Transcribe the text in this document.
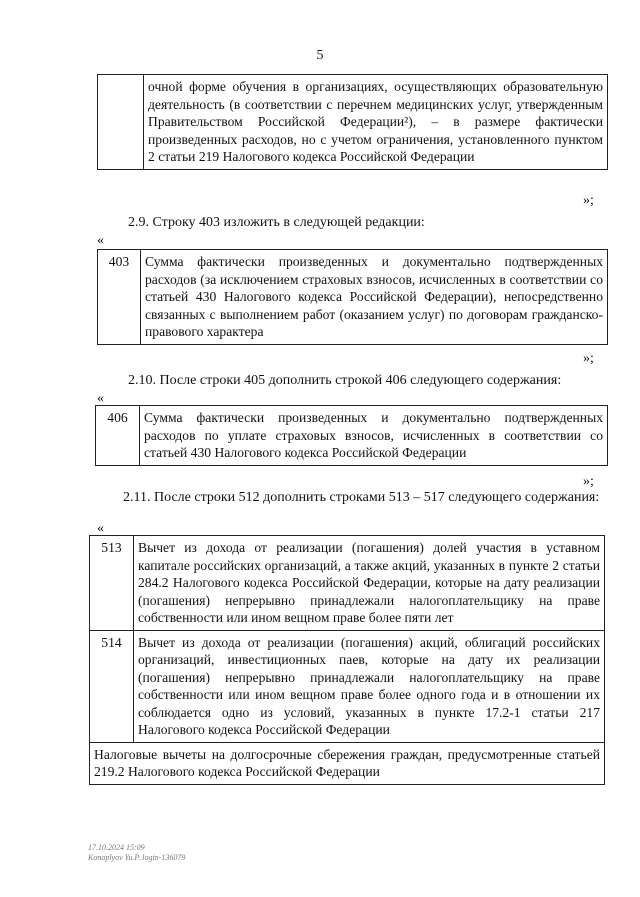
5
	очной форме обучения в организациях, осуществляющих образовательную деятельность (в соответствии с перечнем медицинских услуг, утвержденным Правительством Российской Федерации²), – в размере фактически произведенных расходов, но с учетом ограничения, установленного пунктом 2 статьи 219 Налогового кодекса Российской Федерации
»;
2.9. Строку 403 изложить в следующей редакции:
«
403	Сумма фактически произведенных и документально подтвержденных расходов (за исключением страховых взносов, исчисленных в соответствии со статьей 430 Налогового кодекса Российской Федерации), непосредственно связанных с выполнением работ (оказанием услуг) по договорам гражданско-правового характера
»;
2.10. После строки 405 дополнить строкой 406 следующего содержания:
«
406	Сумма фактически произведенных и документально подтвержденных расходов по уплате страховых взносов, исчисленных в соответствии со статьей 430 Налогового кодекса Российской Федерации
»;
2.11. После строки 512 дополнить строками 513 – 517 следующего содержания:
«
513	Вычет из дохода от реализации (погашения) долей участия в уставном капитале российских организаций, а также акций, указанных в пункте 2 статьи 284.2 Налогового кодекса Российской Федерации, которые на дату реализации (погашения) непрерывно принадлежали налогоплательщику на праве собственности или ином вещном праве более пяти лет
514	Вычет из дохода от реализации (погашения) акций, облигаций российских организаций, инвестиционных паев, которые на дату их реализации (погашения) непрерывно принадлежали налогоплательщику на праве собственности или ином вещном праве более одного года и в отношении их соблюдается одно из условий, указанных в пункте 17.2-1 статьи 217 Налогового кодекса Российской Федерации
Налоговые вычеты на долгосрочные сбережения граждан, предусмотренные статьей 219.2 Налогового кодекса Российской Федерации	
17.10.2024 15:09
Konoplyov Yu.P. login-136079
